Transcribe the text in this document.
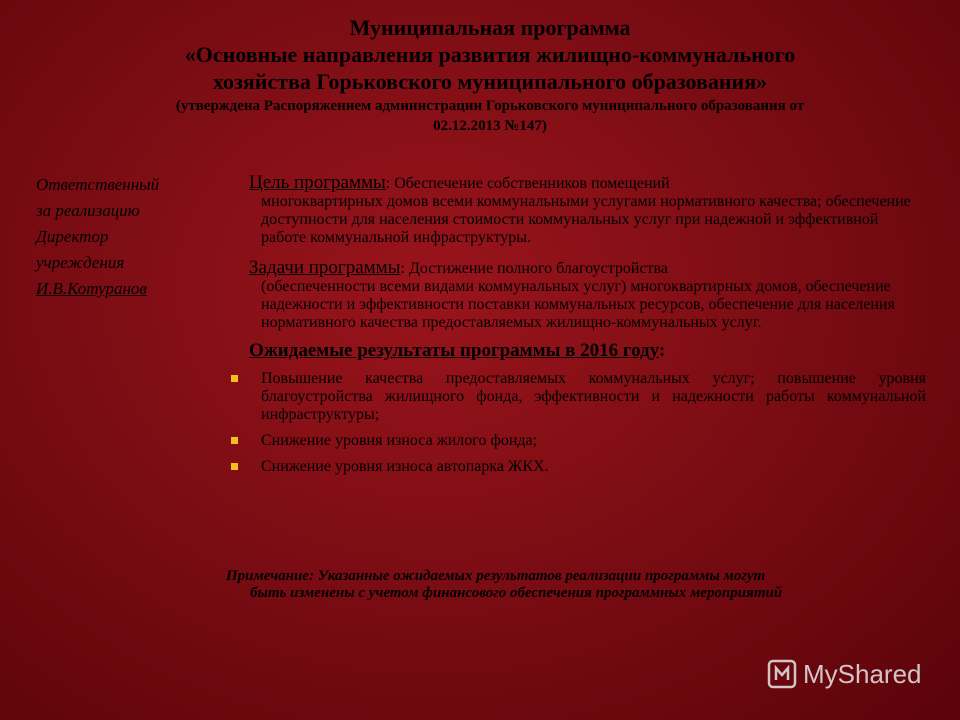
Муниципальная программа
«Основные направления развития жилищно-коммунального
хозяйства Горьковского муниципального образования»
(утверждена Распоряжением администрации Горьковского муниципального образования от
02.12.2013 №147)
Ответственный
за реализацию
Директор
учреждения
И.В.Котуранов
Цель программы: Обеспечение собственников помещений
многоквартирных домов всеми коммунальными услугами нормативного качества; обеспечение доступности для населения стоимости коммунальных услуг при надежной и эффективной работе коммунальной инфраструктуры.
Задачи программы: Достижение полного благоустройства
(обеспеченности всеми видами коммунальных услуг) многоквартирных домов, обеспечение надежности и эффективности поставки коммунальных ресурсов, обеспечение для населения нормативного качества предоставляемых жилищно-коммунальных услуг.
Ожидаемые результаты программы в 2016 году:
Повышение качества предоставляемых коммунальных услуг; повышение уровня благоустройства жилищного фонда, эффективности и надежности работы коммунальной инфраструктуры;
Снижение уровня износа жилого фонда;
Снижение уровня износа автопарка ЖКХ.
Примечание: Указанные ожидаемых результатов реализации программы могут
быть изменены с учетом финансового обеспечения программных мероприятий
MyShared
